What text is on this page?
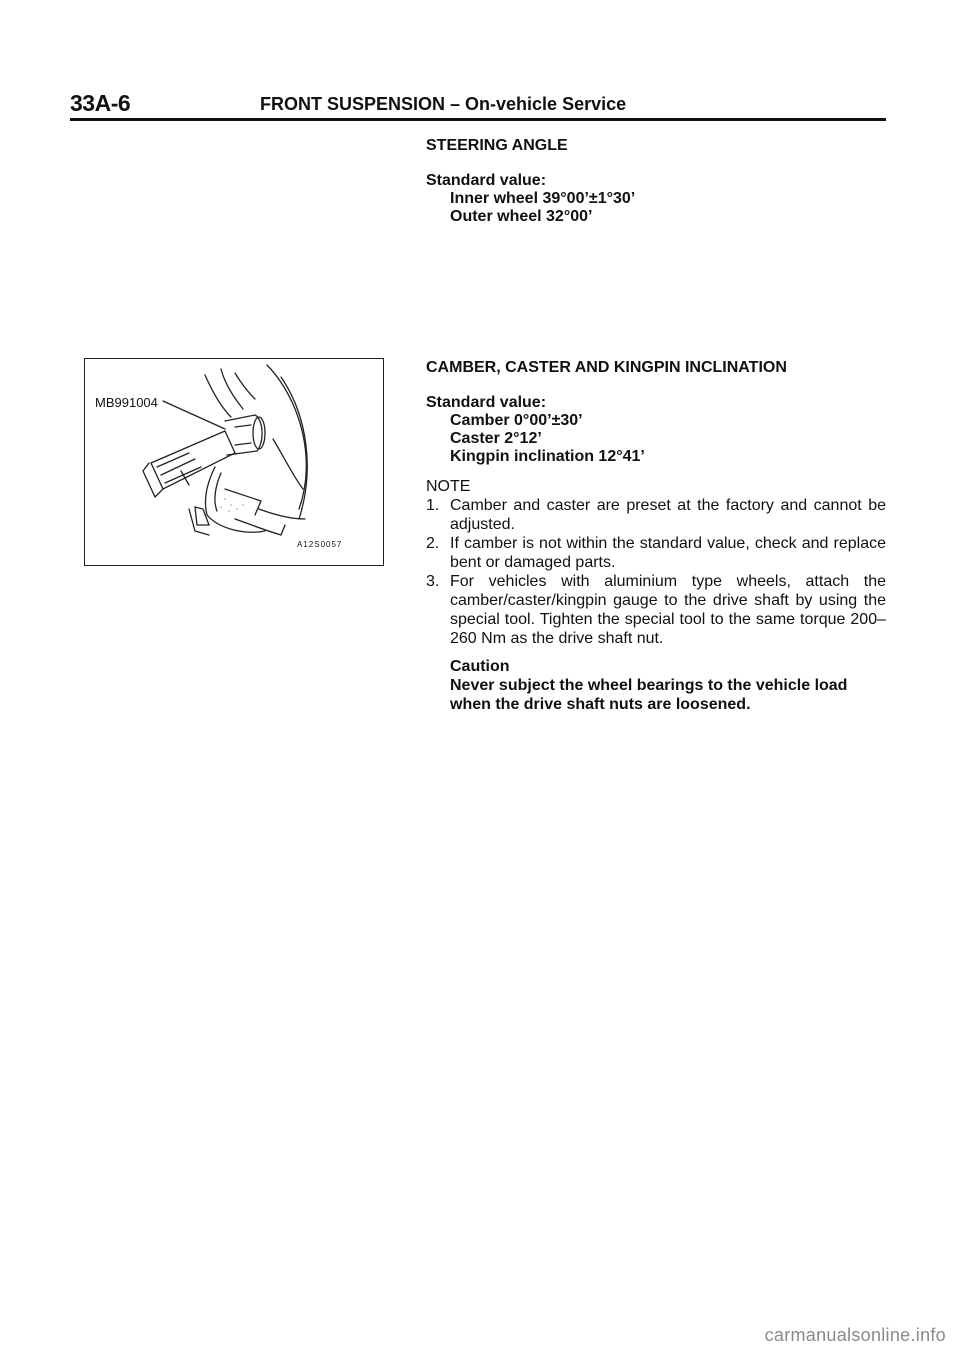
33A-6	FRONT SUSPENSION – On-vehicle Service

STEERING ANGLE

Standard value:

Inner wheel 39°00’±1°30’

Outer wheel 32°00’

MB991004
A12S0057

CAMBER, CASTER AND KINGPIN INCLINATION

Standard value:

Camber 0°00’±30’

Caster 2°12’

Kingpin inclination 12°41’

NOTE

1. Camber and caster are preset at the factory and cannot be adjusted.
2. If camber is not within the standard value, check and replace bent or damaged parts.
3. For vehicles with aluminium type wheels, attach the camber/caster/kingpin gauge to the drive shaft by using the special tool. Tighten the special tool to the same torque 200–260 Nm as the drive shaft nut.

Caution

Never subject the wheel bearings to the vehicle load when the drive shaft nuts are loosened.

carmanualsonline.info
